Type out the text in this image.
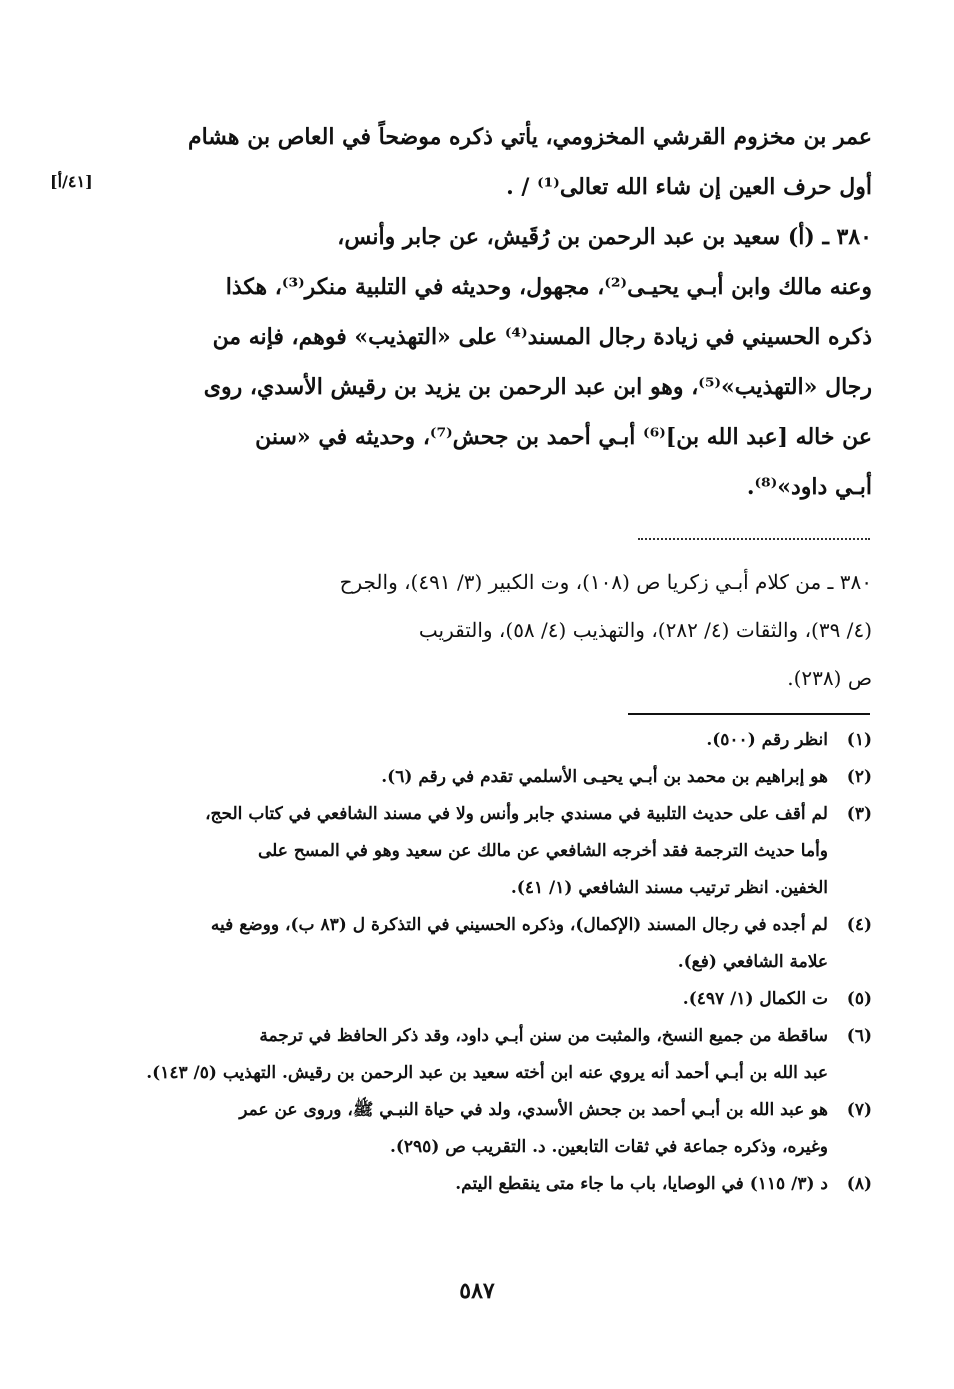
عمر بن مخزوم القرشي المخزومي، يأتي ذكره موضحاً في العاص بن هشام
أول حرف العين إن شاء الله تعالى⁽¹⁾ / .
٣٨٠ ـ (أ) سعيد بن عبد الرحمن بن رُقَيش، عن جابر وأنس،
وعنه مالك وابن أبـي يحيـى⁽²⁾، مجهول، وحديثه في التلبية منكر⁽³⁾، هكذا
ذكره الحسيني في زيادة رجال المسند⁽⁴⁾ على «التهذيب» فوهم، فإنه من
رجال «التهذيب»⁽⁵⁾، وهو ابن عبد الرحمن بن يزيد بن رقيش الأسدي، روى
عن خاله [عبد الله بن]⁽⁶⁾ أبـي أحمد بن جحش⁽⁷⁾، وحديثه في «سنن
أبـي داود»⁽⁸⁾.
[٤١/أ]
٣٨٠ ـ من كلام أبـي زكريا ص (١٠٨)، وت الكبير (٣/ ٤٩١)، والجرح
(٤/ ٣٩)، والثقات (٤/ ٢٨٢)، والتهذيب (٤/ ٥٨)، والتقريب
ص (٢٣٨).
(١)
انظر رقم (٥٠٠).
(٢)
هو إبراهيم بن محمد بن أبـي يحيـى الأسلمي تقدم في رقم (٦).
(٣)
لم أقف على حديث التلبية في مسندي جابر وأنس ولا في مسند الشافعي في كتاب الحج،
وأما حديث الترجمة فقد أخرجه الشافعي عن مالك عن سعيد وهو في المسح على
الخفين. انظر ترتيب مسند الشافعي (١/ ٤١).
(٤)
لم أجده في رجال المسند (الإكمال)، وذكره الحسيني في التذكرة ل (٨٣ ب)، ووضع فيه
علامة الشافعي (فع).
(٥)
ت الكمال (١/ ٤٩٧).
(٦)
ساقطة من جميع النسخ، والمثبت من سنن أبـي داود، وقد ذكر الحافظ في ترجمة
عبد الله بن أبـي أحمد أنه يروي عنه ابن أخته سعيد بن عبد الرحمن بن رقيش. التهذيب (٥/ ١٤٣).
(٧)
هو عبد الله بن أبـي أحمد بن جحش الأسدي، ولد في حياة النبـي ﷺ، وروى عن عمر
وغيره، وذكره جماعة في ثقات التابعين. د. التقريب ص (٢٩٥).
(٨)
د (٣/ ١١٥) في الوصايا، باب ما جاء متى ينقطع اليتم.
٥٨٧
